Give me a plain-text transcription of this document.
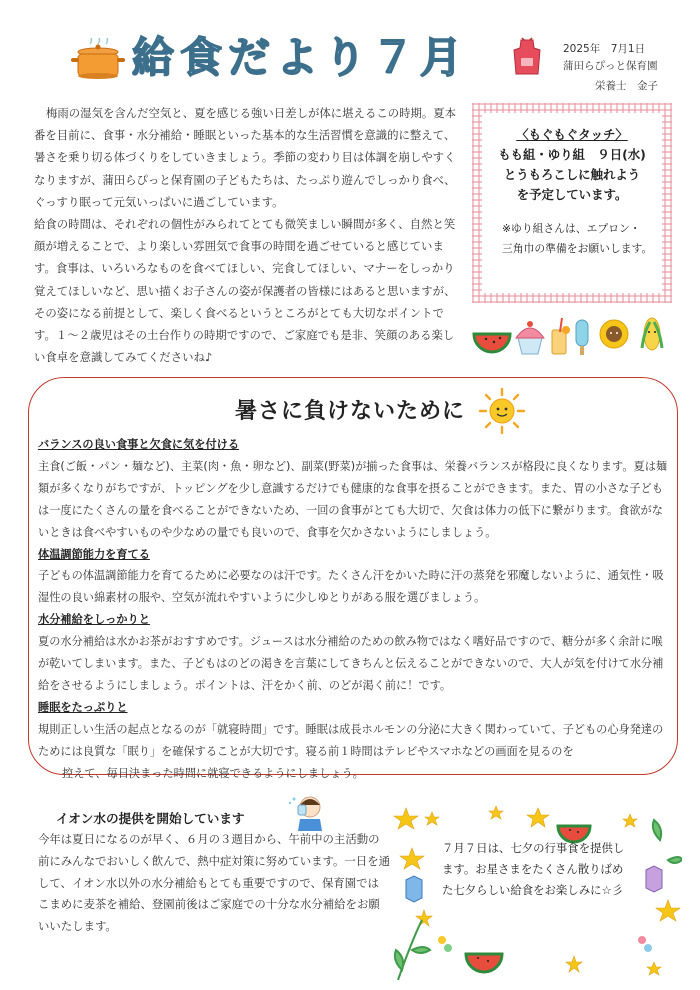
給食だより７月	2025年　7月1日
蒲田らぴっと保育園
栄養士　金子

梅雨の湿気を含んだ空気と、夏を感じる強い日差しが体に堪えるこの時期。夏本番を目前に、食事・水分補給・睡眠といった基本的な生活習慣を意識的に整えて、暑さを乗り切る体づくりをしていきましょう。季節の変わり目は体調を崩しやすくなりますが、蒲田らぴっと保育園の子どもたちは、たっぷり遊んでしっかり食べ、ぐっすり眠って元気いっぱいに過ごしています。

給食の時間は、それぞれの個性がみられてとても微笑ましい瞬間が多く、自然と笑顔が増えることで、より楽しい雰囲気で食事の時間を過ごせていると感じています。食事は、いろいろなものを食べてほしい、完食してほしい、マナーをしっかり覚えてほしいなど、思い描くお子さんの姿が保護者の皆様にはあると思いますが、その姿になる前提として、楽しく食べるというところがとても大切なポイントです。１～２歳児はその土台作りの時期ですので、ご家庭でも是非、笑顔のある楽しい食卓を意識してみてくださいね♪

〈もぐもぐタッチ〉
もも組・ゆり組　９日(水)
とうもろこしに触れよう
を予定しています。
※ゆり組さんは、エプロン・
三角巾の準備をお願いします。
暑さに負けないために
バランスの良い食事と欠食に気を付ける
主食(ご飯・パン・麺など)、主菜(肉・魚・卵など)、副菜(野菜)が揃った食事は、栄養バランスが格段に良くなります。夏は麺類が多くなりがちですが、トッピングを少し意識するだけでも健康的な食事を摂ることができます。また、胃の小さな子どもは一度にたくさんの量を食べることができないため、一回の食事がとても大切で、欠食は体力の低下に繋がります。食欲がないときは食べやすいものや少なめの量でも良いので、食事を欠かさないようにしましょう。
体温調節能力を育てる
子どもの体温調節能力を育てるために必要なのは汗です。たくさん汗をかいた時に汗の蒸発を邪魔しないように、通気性・吸湿性の良い綿素材の服や、空気が流れやすいように少しゆとりがある服を選びましょう。
水分補給をしっかりと
夏の水分補給は水かお茶がおすすめです。ジュースは水分補給のための飲み物ではなく嗜好品ですので、糖分が多く余計に喉が乾いてしまいます。また、子どもはのどの渇きを言葉にしてきちんと伝えることができないので、大人が気を付けて水分補給をさせるようにしましょう。ポイントは、汗をかく前、のどが渇く前に！です。
睡眠をたっぷりと
規則正しい生活の起点となるのが「就寝時間」です。睡眠は成長ホルモンの分泌に大きく関わっていて、子どもの心身発達のためには良質な「眠り」を確保することが大切です。寝る前１時間はテレビやスマホなどの画面を見るのを
控えて、毎日決まった時間に就寝できるようにしましょう。
イオン水の提供を開始しています
今年は夏日になるのが早く、６月の３週目から、午前中の主活動の前にみんなでおいしく飲んで、熱中症対策に努めています。一日を通して、イオン水以外の水分補給もとても重要ですので、保育園ではこまめに麦茶を補給、登園前後はご家庭での十分な水分補給をお願いいたします。
７月７日は、七夕の行事食を提供します。お星さまをたくさん散りばめた七夕らしい給食をお楽しみに☆彡
